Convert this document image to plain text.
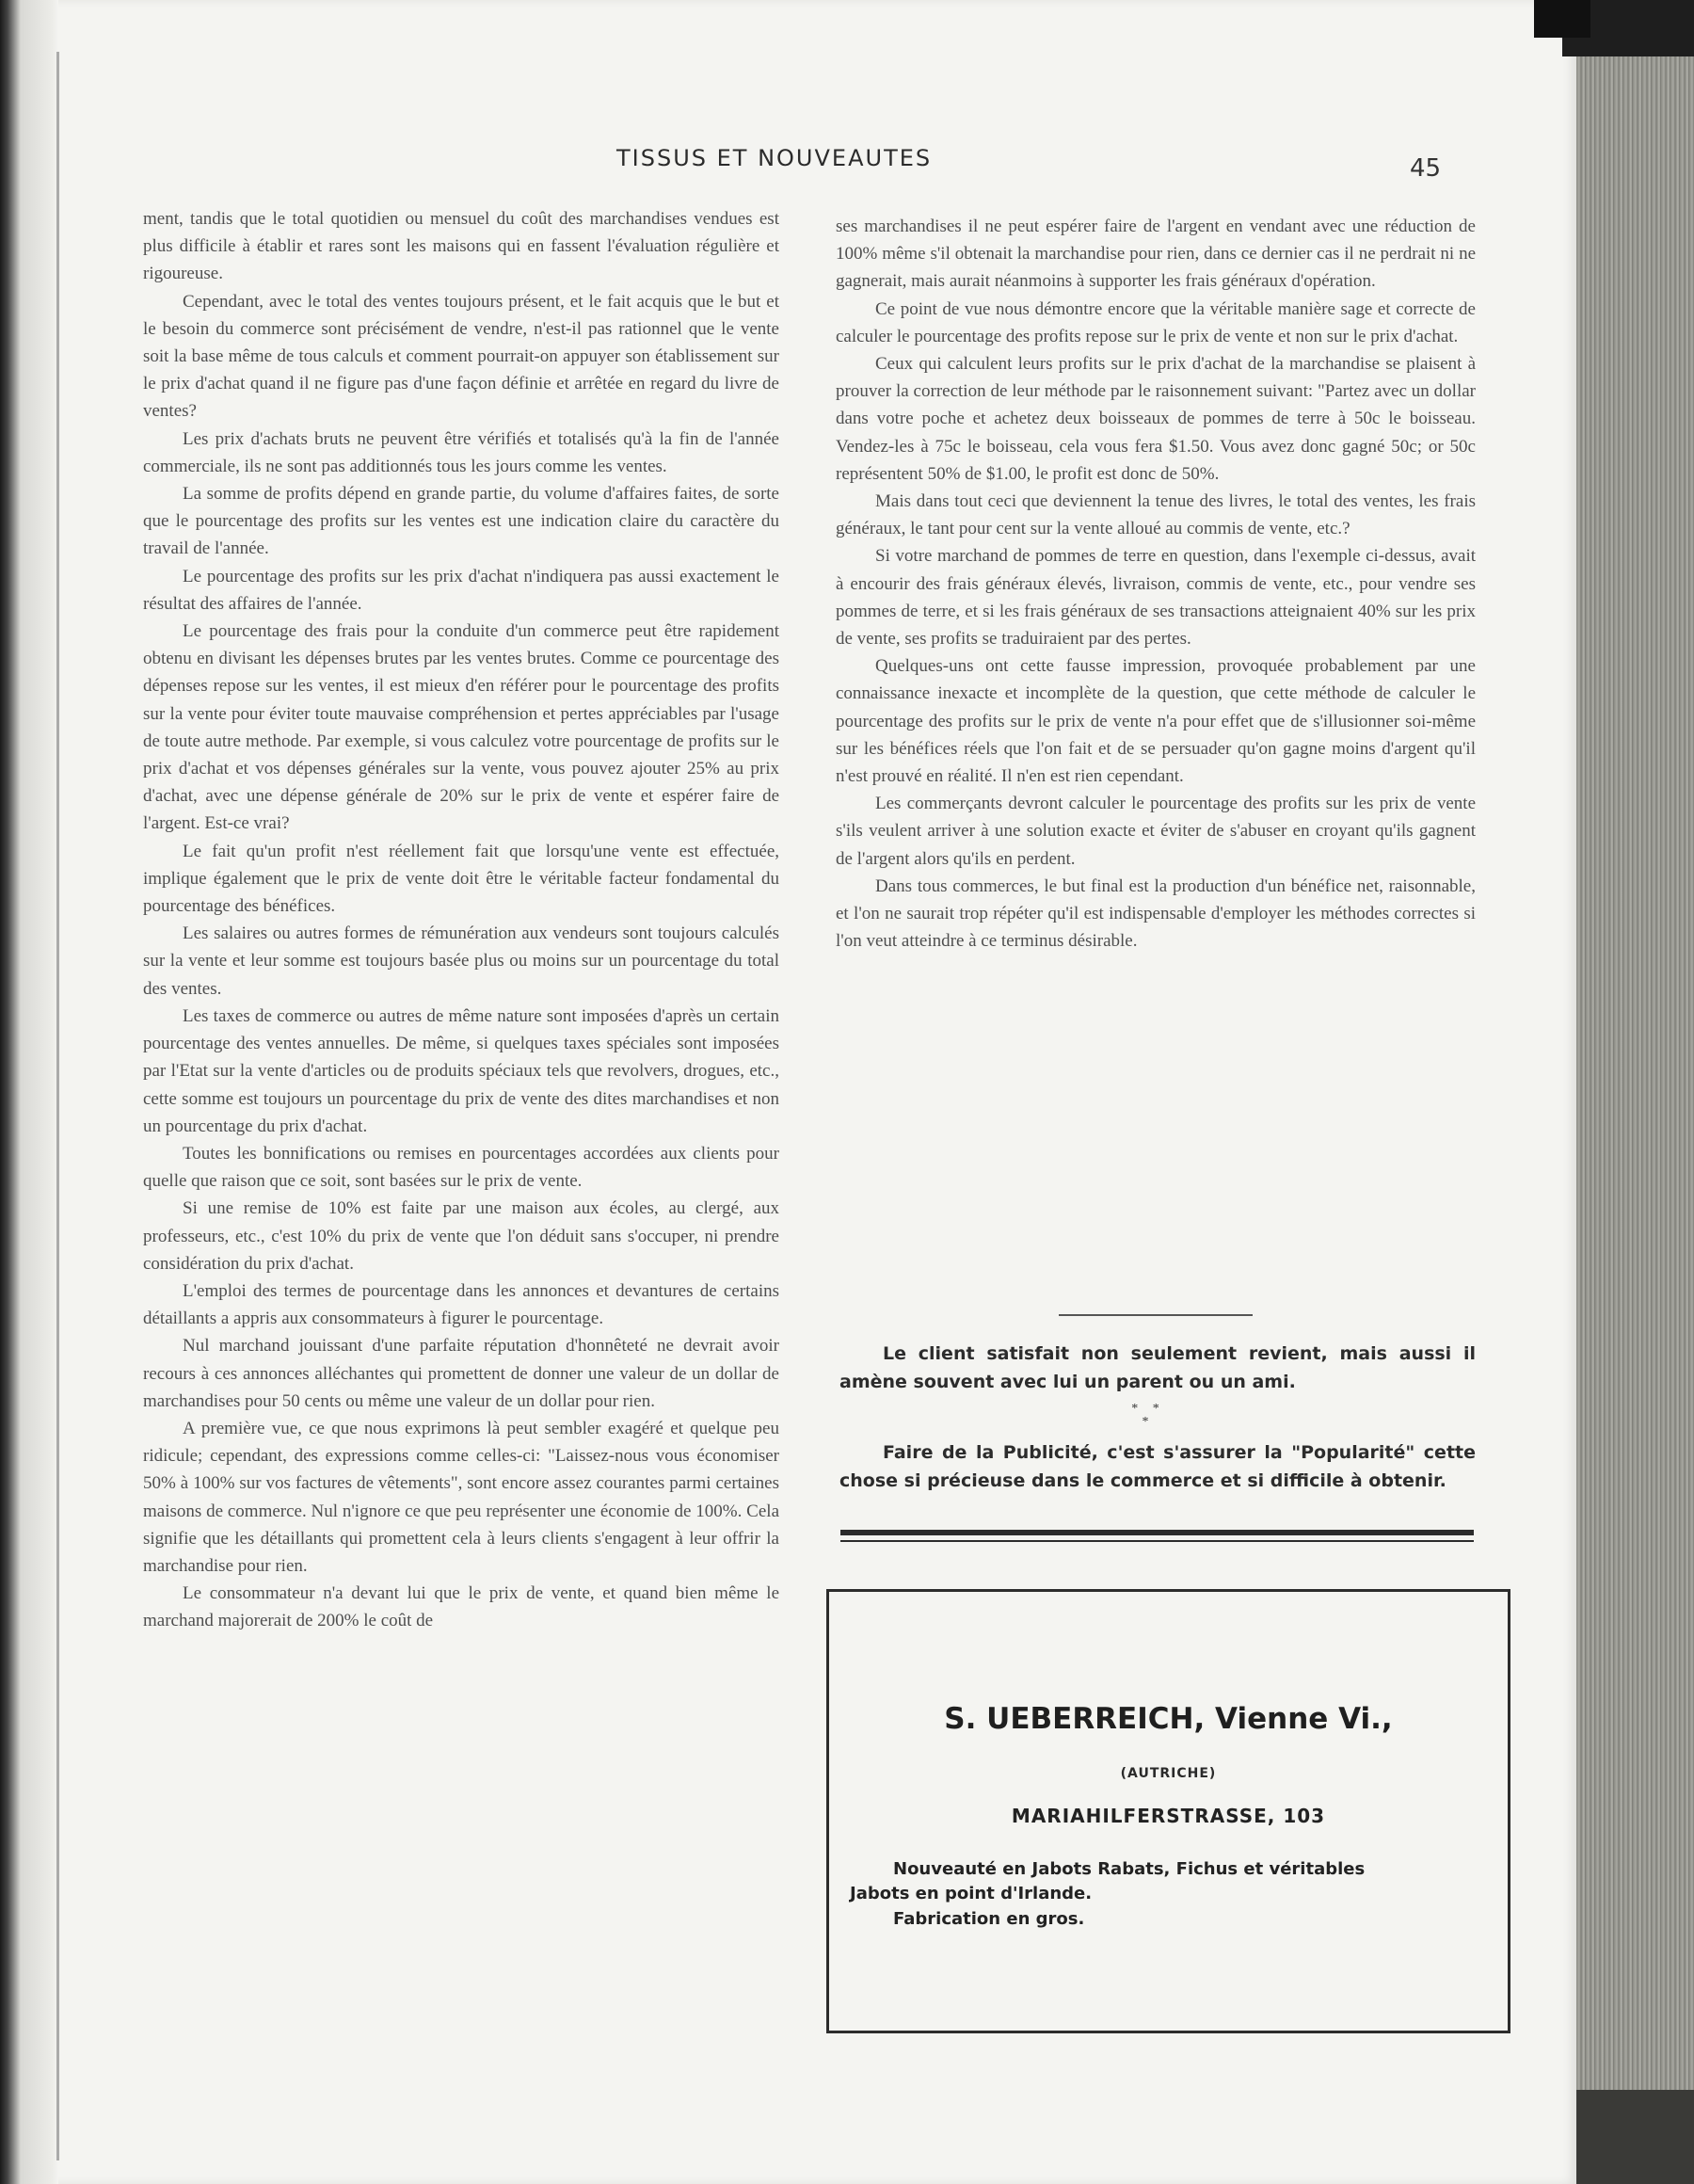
TISSUS ET NOUVEAUTES	45

ment, tandis que le total quotidien ou mensuel du coût des marchandises vendues est plus difficile à établir et rares sont les maisons qui en fassent l'évaluation régulière et rigoureuse.

Cependant, avec le total des ventes toujours présent, et le fait acquis que le but et le besoin du commerce sont précisément de vendre, n'est-il pas rationnel que le vente soit la base même de tous calculs et comment pourrait-on appuyer son établissement sur le prix d'achat quand il ne figure pas d'une façon définie et arrêtée en regard du livre de ventes?

Les prix d'achats bruts ne peuvent être vérifiés et totalisés qu'à la fin de l'année commerciale, ils ne sont pas additionnés tous les jours comme les ventes.

La somme de profits dépend en grande partie, du volume d'affaires faites, de sorte que le pourcentage des profits sur les ventes est une indication claire du caractère du travail de l'année.

Le pourcentage des profits sur les prix d'achat n'indiquera pas aussi exactement le résultat des affaires de l'année.

Le pourcentage des frais pour la conduite d'un commerce peut être rapidement obtenu en divisant les dépenses brutes par les ventes brutes. Comme ce pourcentage des dépenses repose sur les ventes, il est mieux d'en référer pour le pourcentage des profits sur la vente pour éviter toute mauvaise compréhension et pertes appréciables par l'usage de toute autre methode. Par exemple, si vous calculez votre pourcentage de profits sur le prix d'achat et vos dépenses générales sur la vente, vous pouvez ajouter 25% au prix d'achat, avec une dépense générale de 20% sur le prix de vente et espérer faire de l'argent. Est-ce vrai?

Le fait qu'un profit n'est réellement fait que lorsqu'une vente est effectuée, implique également que le prix de vente doit être le véritable facteur fondamental du pourcentage des bénéfices.

Les salaires ou autres formes de rémunération aux vendeurs sont toujours calculés sur la vente et leur somme est toujours basée plus ou moins sur un pourcentage du total des ventes.

Les taxes de commerce ou autres de même nature sont imposées d'après un certain pourcentage des ventes annuelles. De même, si quelques taxes spéciales sont imposées par l'Etat sur la vente d'articles ou de produits spéciaux tels que revolvers, drogues, etc., cette somme est toujours un pourcentage du prix de vente des dites marchandises et non un pourcentage du prix d'achat.

Toutes les bonnifications ou remises en pourcentages accordées aux clients pour quelle que raison que ce soit, sont basées sur le prix de vente.

Si une remise de 10% est faite par une maison aux écoles, au clergé, aux professeurs, etc., c'est 10% du prix de vente que l'on déduit sans s'occuper, ni prendre considération du prix d'achat.

L'emploi des termes de pourcentage dans les annonces et devantures de certains détaillants a appris aux consommateurs à figurer le pourcentage.

Nul marchand jouissant d'une parfaite réputation d'honnêteté ne devrait avoir recours à ces annonces alléchantes qui promettent de donner une valeur de un dollar de marchandises pour 50 cents ou même une valeur de un dollar pour rien.

A première vue, ce que nous exprimons là peut sembler exagéré et quelque peu ridicule; cependant, des expressions comme celles-ci: "Laissez-nous vous économiser 50% à 100% sur vos factures de vêtements", sont encore assez courantes parmi certaines maisons de commerce. Nul n'ignore ce que peu représenter une économie de 100%. Cela signifie que les détaillants qui promettent cela à leurs clients s'engagent à leur offrir la marchandise pour rien.

Le consommateur n'a devant lui que le prix de vente, et quand bien même le marchand majorerait de 200% le coût de

ses marchandises il ne peut espérer faire de l'argent en vendant avec une réduction de 100% même s'il obtenait la marchandise pour rien, dans ce dernier cas il ne perdrait ni ne gagnerait, mais aurait néanmoins à supporter les frais généraux d'opération.

Ce point de vue nous démontre encore que la véritable manière sage et correcte de calculer le pourcentage des profits repose sur le prix de vente et non sur le prix d'achat.

Ceux qui calculent leurs profits sur le prix d'achat de la marchandise se plaisent à prouver la correction de leur méthode par le raisonnement suivant: "Partez avec un dollar dans votre poche et achetez deux boisseaux de pommes de terre à 50c le boisseau. Vendez-les à 75c le boisseau, cela vous fera $1.50. Vous avez donc gagné 50c; or 50c représentent 50% de $1.00, le profit est donc de 50%.

Mais dans tout ceci que deviennent la tenue des livres, le total des ventes, les frais généraux, le tant pour cent sur la vente alloué au commis de vente, etc.?

Si votre marchand de pommes de terre en question, dans l'exemple ci-dessus, avait à encourir des frais généraux élevés, livraison, commis de vente, etc., pour vendre ses pommes de terre, et si les frais généraux de ses transactions atteignaient 40% sur les prix de vente, ses profits se traduiraient par des pertes.

Quelques-uns ont cette fausse impression, provoquée probablement par une connaissance inexacte et incomplète de la question, que cette méthode de calculer le pourcentage des profits sur le prix de vente n'a pour effet que de s'illusionner soi-même sur les bénéfices réels que l'on fait et de se persuader qu'on gagne moins d'argent qu'il n'est prouvé en réalité. Il n'en est rien cependant.

Les commerçants devront calculer le pourcentage des profits sur les prix de vente s'ils veulent arriver à une solution exacte et éviter de s'abuser en croyant qu'ils gagnent de l'argent alors qu'ils en perdent.

Dans tous commerces, le but final est la production d'un bénéfice net, raisonnable, et l'on ne saurait trop répéter qu'il est indispensable d'employer les méthodes correctes si l'on veut atteindre à ce terminus désirable.

Le client satisfait non seulement revient, mais aussi il amène souvent avec lui un parent ou un ami.
* * *
Faire de la Publicité, c'est s'assurer la "Popularité" cette chose si précieuse dans le commerce et si difficile à obtenir.
S. UEBERREICH, Vienne Vi.,
(AUTRICHE)
MARIAHILFERSTRASSE, 103
Nouveauté en Jabots Rabats, Fichus et véritables
Jabots en point d'Irlande.
Fabrication en gros.
